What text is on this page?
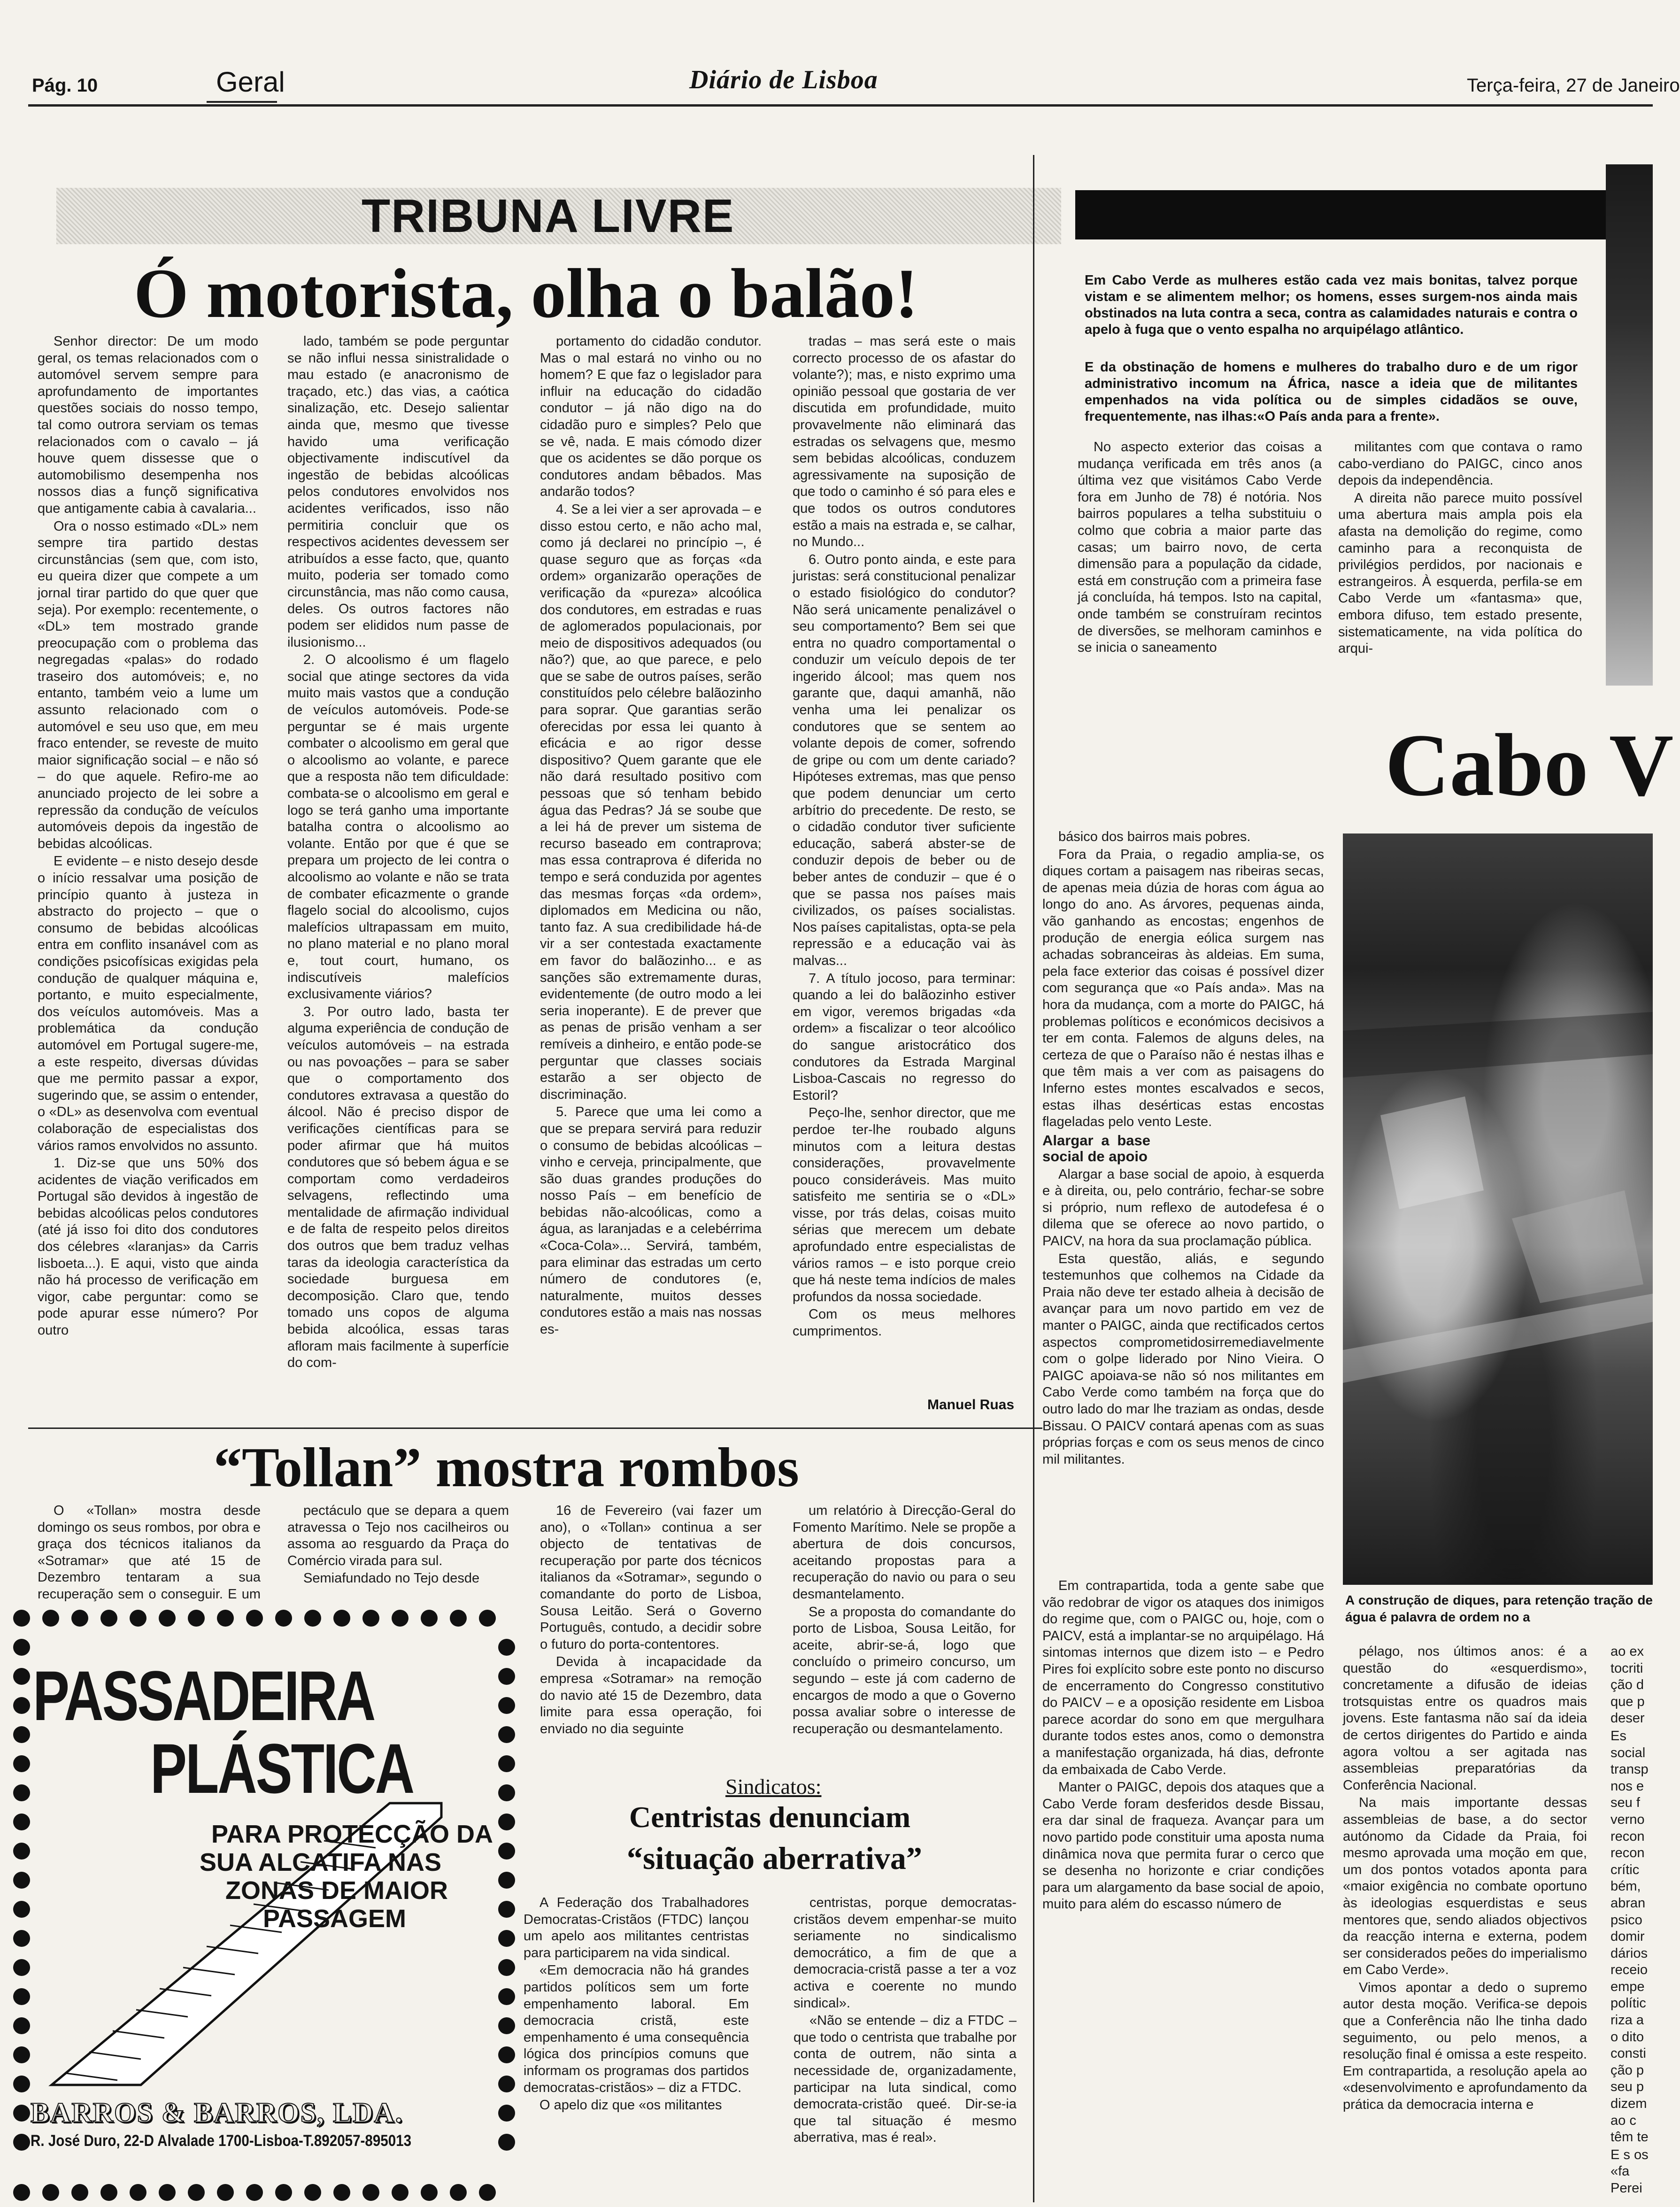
Pág. 10	Geral	Diário de Lisboa	Terça-feira, 27 de Janeiro
TRIBUNA LIVRE
Ó motorista, olha o balão!

Senhor director: De um modo geral, os temas relacionados com o automóvel servem sempre para aprofundamento de importantes questões sociais do nosso tempo, tal como outrora serviam os temas relacionados com o cavalo – já houve quem dissesse que o automobilismo desempenha nos nossos dias a funçõ significativa que antigamente cabia à cavalaria...

Ora o nosso estimado «DL» nem sempre tira partido destas circunstâncias (sem que, com isto, eu queira dizer que compete a um jornal tirar partido do que quer que seja). Por exemplo: recentemente, o «DL» tem mostrado grande preocupação com o problema das negregadas «palas» do rodado traseiro dos automóveis; e, no entanto, também veio a lume um assunto relacionado com o automóvel e seu uso que, em meu fraco entender, se reveste de muito maior significação social – e não só – do que aquele. Refiro-me ao anunciado projecto de lei sobre a repressão da condução de veículos automóveis depois da ingestão de bebidas alcoólicas.

E evidente – e nisto desejo desde o início ressalvar uma posição de princípio quanto à justeza in abstracto do projecto – que o consumo de bebidas alcoólicas entra em conflito insanável com as condições psicofísicas exigidas pela condução de qualquer máquina e, portanto, e muito especialmente, dos veículos automóveis. Mas a problemática da condução automóvel em Portugal sugere-me, a este respeito, diversas dúvidas que me permito passar a expor, sugerindo que, se assim o entender, o «DL» as desenvolva com eventual colaboração de especialistas dos vários ramos envolvidos no assunto.

1. Diz-se que uns 50% dos acidentes de viação verificados em Portugal são devidos à ingestão de bebidas alcoólicas pelos condutores (até já isso foi dito dos condutores dos célebres «laranjas» da Carris lisboeta...). E aqui, visto que ainda não há processo de verificação em vigor, cabe perguntar: como se pode apurar esse número? Por outro

lado, também se pode perguntar se não influi nessa sinistralidade o mau estado (e anacronismo de traçado, etc.) das vias, a caótica sinalização, etc. Desejo salientar ainda que, mesmo que tivesse havido uma verificação objectivamente indiscutível da ingestão de bebidas alcoólicas pelos condutores envolvidos nos acidentes verificados, isso não permitiria concluir que os respectivos acidentes devessem ser atribuídos a esse facto, que, quanto muito, poderia ser tomado como circunstância, mas não como causa, deles. Os outros factores não podem ser elididos num passe de ilusionismo...

2. O alcoolismo é um flagelo social que atinge sectores da vida muito mais vastos que a condução de veículos automóveis. Pode-se perguntar se é mais urgente combater o alcoolismo em geral que o alcoolismo ao volante, e parece que a resposta não tem dificuldade: combata-se o alcoolismo em geral e logo se terá ganho uma importante batalha contra o alcoolismo ao volante. Então por que é que se prepara um projecto de lei contra o alcoolismo ao volante e não se trata de combater eficazmente o grande flagelo social do alcoolismo, cujos malefícios ultrapassam em muito, no plano material e no plano moral e, tout court, humano, os indiscutíveis malefícios exclusivamente viários?

3. Por outro lado, basta ter alguma experiência de condução de veículos automóveis – na estrada ou nas povoações – para se saber que o comportamento dos condutores extravasa a questão do álcool. Não é preciso dispor de verificações científicas para se poder afirmar que há muitos condutores que só bebem água e se comportam como verdadeiros selvagens, reflectindo uma mentalidade de afirmação individual e de falta de respeito pelos direitos dos outros que bem traduz velhas taras da ideologia característica da sociedade burguesa em decomposição. Claro que, tendo tomado uns copos de alguma bebida alcoólica, essas taras afloram mais facilmente à superfície do com-

portamento do cidadão condutor. Mas o mal estará no vinho ou no homem? E que faz o legislador para influir na educação do cidadão condutor – já não digo na do cidadão puro e simples? Pelo que se vê, nada. E mais cómodo dizer que os acidentes se dão porque os condutores andam bêbados. Mas andarão todos?

4. Se a lei vier a ser aprovada – e disso estou certo, e não acho mal, como já declarei no princípio –, é quase seguro que as forças «da ordem» organizarão operações de verificação da «pureza» alcoólica dos condutores, em estradas e ruas de aglomerados populacionais, por meio de dispositivos adequados (ou não?) que, ao que parece, e pelo que se sabe de outros países, serão constituídos pelo célebre balãozinho para soprar. Que garantias serão oferecidas por essa lei quanto à eficácia e ao rigor desse dispositivo? Quem garante que ele não dará resultado positivo com pessoas que só tenham bebido água das Pedras? Já se soube que a lei há de prever um sistema de recurso baseado em contraprova; mas essa contraprova é diferida no tempo e será conduzida por agentes das mesmas forças «da ordem», diplomados em Medicina ou não, tanto faz. A sua credibilidade há-de vir a ser contestada exactamente em favor do balãozinho... e as sanções são extremamente duras, evidentemente (de outro modo a lei seria inoperante). E de prever que as penas de prisão venham a ser remíveis a dinheiro, e então pode-se perguntar que classes sociais estarão a ser objecto de discriminação.

5. Parece que uma lei como a que se prepara servirá para reduzir o consumo de bebidas alcoólicas – vinho e cerveja, principalmente, que são duas grandes produções do nosso País – em benefício de bebidas não-alcoólicas, como a água, as laranjadas e a celebérrima «Coca-Cola»... Servirá, também, para eliminar das estradas um certo número de condutores (e, naturalmente, muitos desses condutores estão a mais nas nossas es-

tradas – mas será este o mais correcto processo de os afastar do volante?); mas, e nisto exprimo uma opinião pessoal que gostaria de ver discutida em profundidade, muito provavelmente não eliminará das estradas os selvagens que, mesmo sem bebidas alcoólicas, conduzem agressivamente na suposição de que todo o caminho é só para eles e que todos os outros condutores estão a mais na estrada e, se calhar, no Mundo...

6. Outro ponto ainda, e este para juristas: será constitucional penalizar o estado fisiológico do condutor? Não será unicamente penalizável o seu comportamento? Bem sei que entra no quadro comportamental o conduzir um veículo depois de ter ingerido álcool; mas quem nos garante que, daqui amanhã, não venha uma lei penalizar os condutores que se sentem ao volante depois de comer, sofrendo de gripe ou com um dente cariado? Hipóteses extremas, mas que penso que podem denunciar um certo arbítrio do precedente. De resto, se o cidadão condutor tiver suficiente educação, saberá abster-se de conduzir depois de beber ou de beber antes de conduzir – que é o que se passa nos países mais civilizados, os países socialistas. Nos países capitalistas, opta-se pela repressão e a educação vai às malvas...

7. A título jocoso, para terminar: quando a lei do balãozinho estiver em vigor, veremos brigadas «da ordem» a fiscalizar o teor alcoólico do sangue aristocrático dos condutores da Estrada Marginal Lisboa-Cascais no regresso do Estoril?

Peço-lhe, senhor director, que me perdoe ter-lhe roubado alguns minutos com a leitura destas considerações, provavelmente pouco consideráveis. Mas muito satisfeito me sentiria se o «DL» visse, por trás delas, coisas muito sérias que merecem um debate aprofundado entre especialistas de vários ramos – e isto porque creio que há neste tema indícios de males profundos da nossa sociedade.

Com os meus melhores cumprimentos.

Manuel Ruas
“Tollan” mostra rombos

O «Tollan» mostra desde domingo os seus rombos, por obra e graça dos técnicos italianos da «Sotramar» que até 15 de Dezembro tentaram a sua recuperação sem o conseguir. E um

pectáculo que se depara a quem atravessa o Tejo nos cacilheiros ou assoma ao resguardo da Praça do Comércio virada para sul.

Semiafundado no Tejo desde

16 de Fevereiro (vai fazer um ano), o «Tollan» continua a ser objecto de tentativas de recuperação por parte dos técnicos italianos da «Sotramar», segundo o comandante do porto de Lisboa, Sousa Leitão. Será o Governo Português, contudo, a decidir sobre o futuro do porta-contentores.

Devida à incapacidade da empresa «Sotramar» na remoção do navio até 15 de Dezembro, data limite para essa operação, foi enviado no dia seguinte

um relatório à Direcção-Geral do Fomento Marítimo. Nele se propõe a abertura de dois concursos, aceitando propostas para a recuperação do navio ou para o seu desmantelamento.

Se a proposta do comandante do porto de Lisboa, Sousa Leitão, for aceite, abrir-se-á, logo que concluído o primeiro concurso, um segundo – este já com caderno de encargos de modo a que o Governo possa avaliar sobre o interesse de recuperação ou desmantelamento.

PASSADEIRA
PLÁSTICA
PARA PROTECÇÃO DA
SUA ALCATIFA NAS
ZONAS DE MAIOR
PASSAGEM
BARROS & BARROS, LDA.
R. José Duro, 22-D Alvalade 1700-Lisboa-T.892057-895013
Sindicatos:
Centristas denunciam
“situação aberrativa”

A Federação dos Trabalhadores Democratas-Cristãos (FTDC) lançou um apelo aos militantes centristas para participarem na vida sindical.

«Em democracia não há grandes partidos políticos sem um forte empenhamento laboral. Em democracia cristã, este empenhamento é uma consequência lógica dos princípios comuns que informam os programas dos partidos democratas-cristãos» – diz a FTDC.

O apelo diz que «os militantes

centristas, porque democratas-cristãos devem empenhar-se muito seriamente no sindicalismo democrático, a fim de que a democracia-cristã passe a ter a voz activa e coerente no mundo sindical».

«Não se entende – diz a FTDC – que todo o centrista que trabalhe por conta de outrem, não sinta a necessidade de, organizadamente, participar na luta sindical, como democrata-cristão queé. Dir-se-ia que tal situação é mesmo aberrativa, mas é real».

Em Cabo Verde as mulheres estão cada vez mais bonitas, talvez porque vistam e se alimentem melhor; os homens, esses surgem-nos ainda mais obstinados na luta contra a seca, contra as calamidades naturais e contra o apelo à fuga que o vento espalha no arquipélago atlântico.
E da obstinação de homens e mulheres do trabalho duro e de um rigor administrativo incomum na África, nasce a ideia que de militantes empenhados na vida política ou de simples cidadãos se ouve, frequentemente, nas ilhas:«O País anda para a frente».

No aspecto exterior das coisas a mudança verificada em três anos (a última vez que visitámos Cabo Verde fora em Junho de 78) é notória. Nos bairros populares a telha substituiu o colmo que cobria a maior parte das casas; um bairro novo, de certa dimensão para a população da cidade, está em construção com a primeira fase já concluída, há tempos. Isto na capital, onde também se construíram recintos de diversões, se melhoram caminhos e se inicia o saneamento

militantes com que contava o ramo cabo-verdiano do PAIGC, cinco anos depois da independência.

A direita não parece muito possível uma abertura mais ampla pois ela afasta na demolição do regime, como caminho para a reconquista de privilégios perdidos, por nacionais e estrangeiros. À esquerda, perfila-se em Cabo Verde um «fantasma» que, embora difuso, tem estado presente, sistematicamente, na vida política do arqui-

Cabo V

básico dos bairros mais pobres.

Fora da Praia, o regadio amplia-se, os diques cortam a paisagem nas ribeiras secas, de apenas meia dúzia de horas com água ao longo do ano. As árvores, pequenas ainda, vão ganhando as encostas; engenhos de produção de energia eólica surgem nas achadas sobranceiras às aldeias. Em suma, pela face exterior das coisas é possível dizer com segurança que «o País anda». Mas na hora da mudança, com a morte do PAIGC, há problemas políticos e económicos decisivos a ter em conta. Falemos de alguns deles, na certeza de que o Paraíso não é nestas ilhas e que têm mais a ver com as paisagens do Inferno estes montes escalvados e secos, estas ilhas desérticas estas encostas flageladas pelo vento Leste.

Alargar a base social de apoio

Alargar a base social de apoio, à esquerda e à direita, ou, pelo contrário, fechar-se sobre si próprio, num reflexo de autodefesa é o dilema que se oferece ao novo partido, o PAICV, na hora da sua proclamação pública.

Esta questão, aliás, e segundo testemunhos que colhemos na Cidade da Praia não deve ter estado alheia à decisão de avançar para um novo partido em vez de manter o PAIGC, ainda que rectificados certos aspectos comprometidosirremediavelmente com o golpe liderado por Nino Vieira. O PAIGC apoiava-se não só nos militantes em Cabo Verde como também na força que do outro lado do mar lhe traziam as ondas, desde Bissau. O PAICV contará apenas com as suas próprias forças e com os seus menos de cinco mil militantes.

Em contrapartida, toda a gente sabe que vão redobrar de vigor os ataques dos inimigos do regime que, com o PAIGC ou, hoje, com o PAICV, está a implantar-se no arquipélago. Há sintomas internos que dizem isto – e Pedro Pires foi explícito sobre este ponto no discurso de encerramento do Congresso constitutivo do PAICV – e a oposição residente em Lisboa parece acordar do sono em que mergulhara durante todos estes anos, como o demonstra a manifestação organizada, há dias, defronte da embaixada de Cabo Verde.

Manter o PAIGC, depois dos ataques que a Cabo Verde foram desferidos desde Bissau, era dar sinal de fraqueza. Avançar para um novo partido pode constituir uma aposta numa dinâmica nova que permita furar o cerco que se desenha no horizonte e criar condições para um alargamento da base social de apoio, muito para além do escasso número de

A construção de diques, para retenção tração de água é palavra de ordem no a

pélago, nos últimos anos: é a questão do «esquerdismo», concretamente a difusão de ideias trotsquistas entre os quadros mais jovens. Este fantasma não saí da ideia de certos dirigentes do Partido e ainda agora voltou a ser agitada nas assembleias preparatórias da Conferência Nacional.

Na mais importante dessas assembleias de base, a do sector autónomo da Cidade da Praia, foi mesmo aprovada uma moção em que, um dos pontos votados aponta para «maior exigência no combate oportuno às ideologias esquerdistas e seus mentores que, sendo aliados objectivos da reacção interna e externa, podem ser considerados peões do imperialismo em Cabo Verde».

Vimos apontar a dedo o supremo autor desta moção. Verifica-se depois que a Conferência não lhe tinha dado seguimento, ou pelo menos, a resolução final é omissa a este respeito. Em contrapartida, a resolução apela ao «desenvolvimento e aprofundamento da prática da democracia interna e

ao ex tocriti ção d que p deser

Es social transp nos e seu f verno recon recon crític bém, abran psico domir dários receio empe polític riza a o dito consti ção p seu p dizem ao c têm te

E s os «fa Perei
